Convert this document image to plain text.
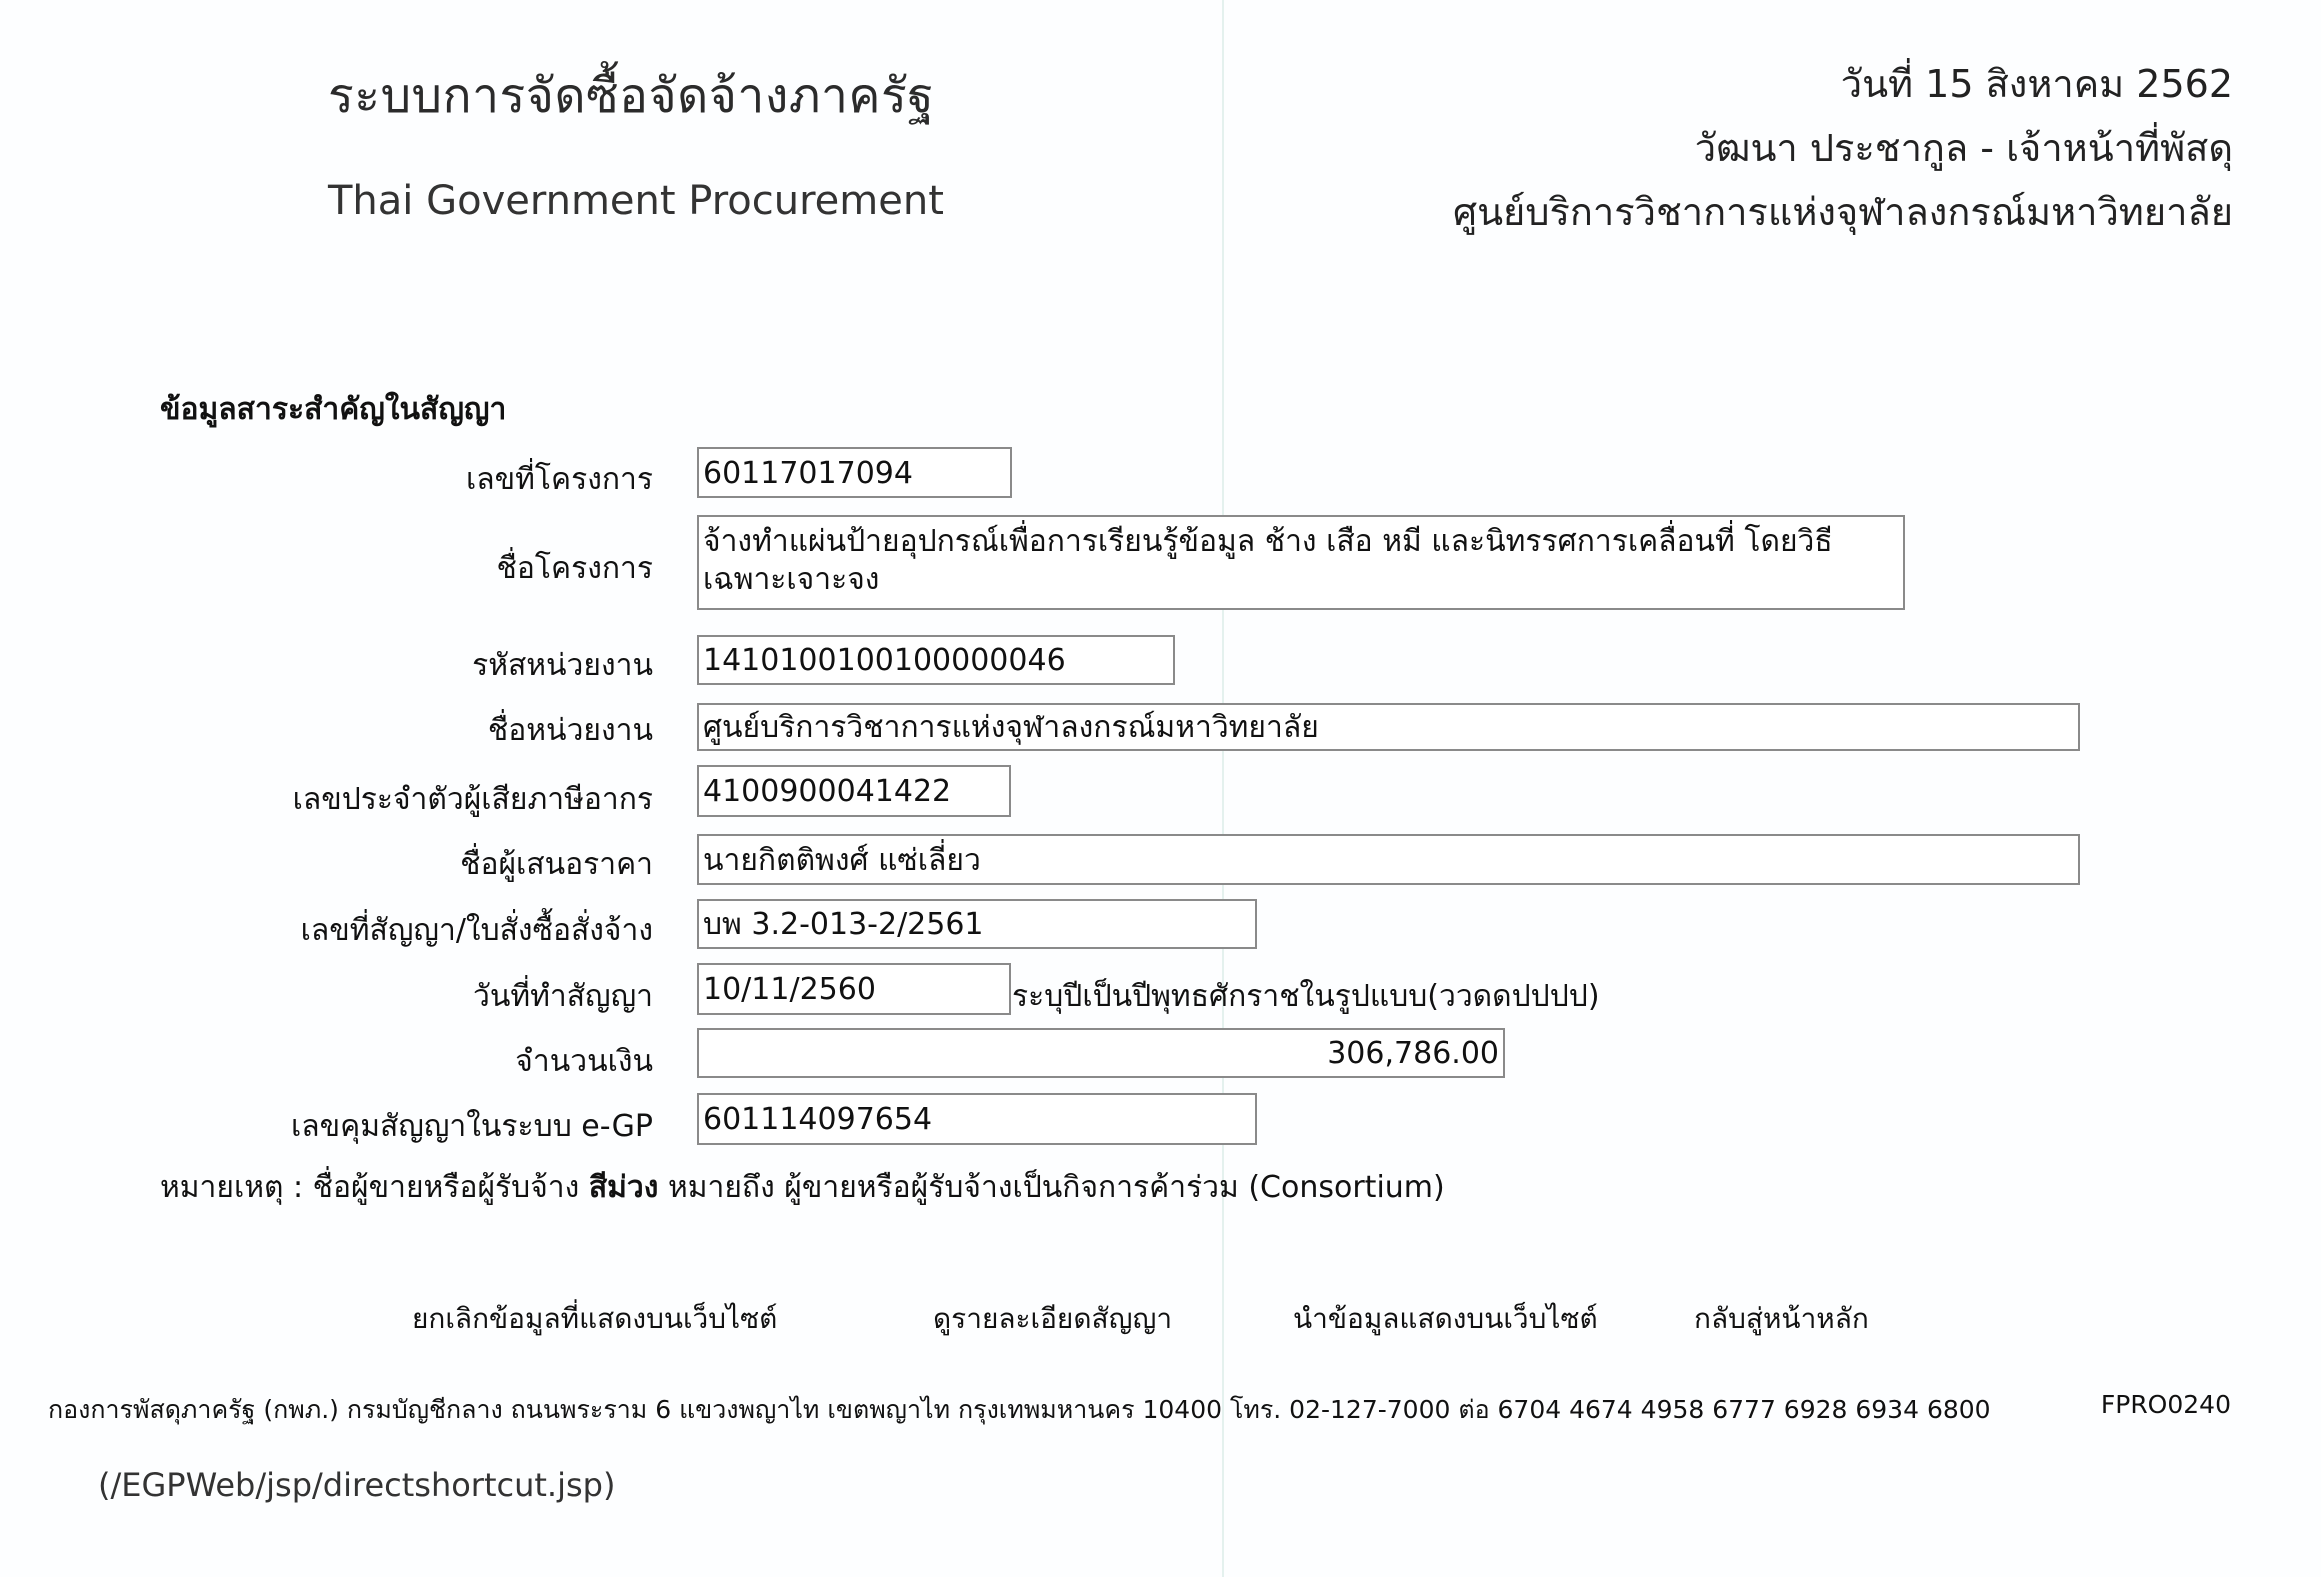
ระบบการจัดซื้อจัดจ้างภาครัฐ
Thai Government Procurement
วันที่ 15 สิงหาคม 2562
วัฒนา ประชากูล - เจ้าหน้าที่พัสดุ
ศูนย์บริการวิชาการแห่งจุฬาลงกรณ์มหาวิทยาลัย
ข้อมูลสาระสำคัญในสัญญา
เลขที่โครงการ 60117017094
ชื่อโครงการ
จ้างทำแผ่นป้ายอุปกรณ์เพื่อการเรียนรู้ข้อมูล ช้าง เสือ หมี และนิทรรศการเคลื่อนที่ โดยวิธี
เฉพาะเจาะจง
รหัสหน่วยงาน 1410100100100000046
ชื่อหน่วยงาน ศูนย์บริการวิชาการแห่งจุฬาลงกรณ์มหาวิทยาลัย
เลขประจำตัวผู้เสียภาษีอากร 4100900041422
ชื่อผู้เสนอราคา นายกิตติพงศ์ แซ่เลี่ยว
เลขที่สัญญา/ใบสั่งซื้อสั่งจ้าง บพ 3.2-013-2/2561
วันที่ทำสัญญา 10/11/2560	ระบุปีเป็นปีพุทธศักราชในรูปแบบ(ววดดปปปป)
จำนวนเงิน	306,786.00
เลขคุมสัญญาในระบบ e-GP 601114097654
หมายเหตุ : ชื่อผู้ขายหรือผู้รับจ้าง สีม่วง หมายถึง ผู้ขายหรือผู้รับจ้างเป็นกิจการค้าร่วม (Consortium)
ยกเลิกข้อมูลที่แสดงบนเว็บไซต์	ดูรายละเอียดสัญญา	นำข้อมูลแสดงบนเว็บไซต์	กลับสู่หน้าหลัก
กองการพัสดุภาครัฐ (กพภ.) กรมบัญชีกลาง ถนนพระราม 6 แขวงพญาไท เขตพญาไท กรุงเทพมหานคร 10400 โทร. 02-127-7000 ต่อ 6704 4674 4958 6777 6928 6934 6800	FPRO0240
(/EGPWeb/jsp/directshortcut.jsp)
